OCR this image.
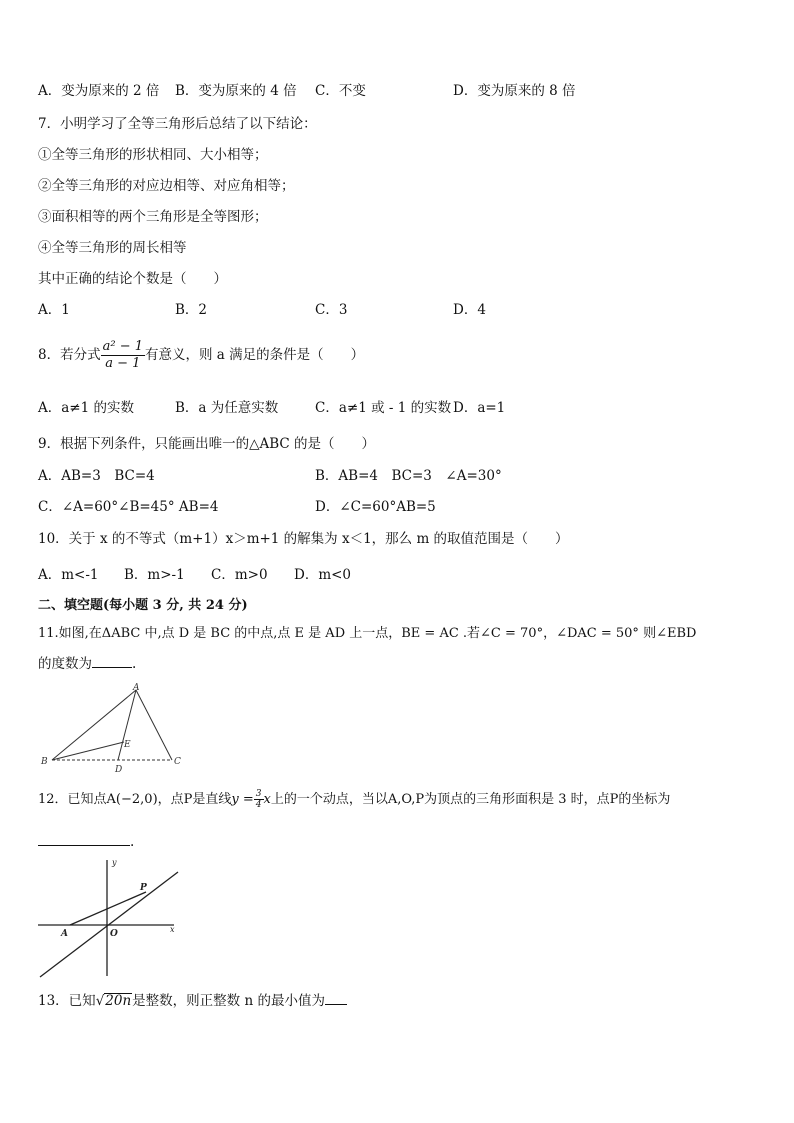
A．变为原来的 2 倍 B．变为原来的 4 倍 C．不变	D．变为原来的 8 倍
7．小明学习了全等三角形后总结了以下结论：
①全等三角形的形状相同、大小相等；
②全等三角形的对应边相等、对应角相等；
③面积相等的两个三角形是全等图形；
④全等三角形的周长相等
其中正确的结论个数是（　　）
A．1	B．2	C．3	D．4
8．若分式 $\frac{\text{a² − 1}}{a - 1}$ 有意义，则 a 满足的条件是（　　）
A．a≠1 的实数	B．a 为任意实数	C．a≠1 或 - 1 的实数 D．a=1
9．根据下列条件，只能画出唯一的△ABC 的是（　　）
A．AB=3　BC=4	B．AB=4　BC=3　∠A=30°
C．∠A=60°∠B=45° AB=4	D．∠C=60°AB=5
10．关于 x 的不等式（m+1）x＞m+1 的解集为 x＜1，那么 m 的取值范围是（　　）
A．m<-1 B．m>-1 C．m>0 D．m<0
二、填空题(每小题 3 分, 共 24 分)
11.如图,在ΔABC 中,点 D 是 BC 的中点,点 E 是 AD 上一点，BE = AC .若∠C = 70°，∠DAC = 50° 则∠EBD
的度数为	.
A
B	C
D
E
12．已知点A(−2,0)，点P是直线$y = \frac{3}{4}$ x上的一个动点，当以A,O,P为顶点的三角形面积是 3 时，点P的坐标为
.
y
x
A	O
P
13．已知√20n是整数，则正整数 n 的最小值为
